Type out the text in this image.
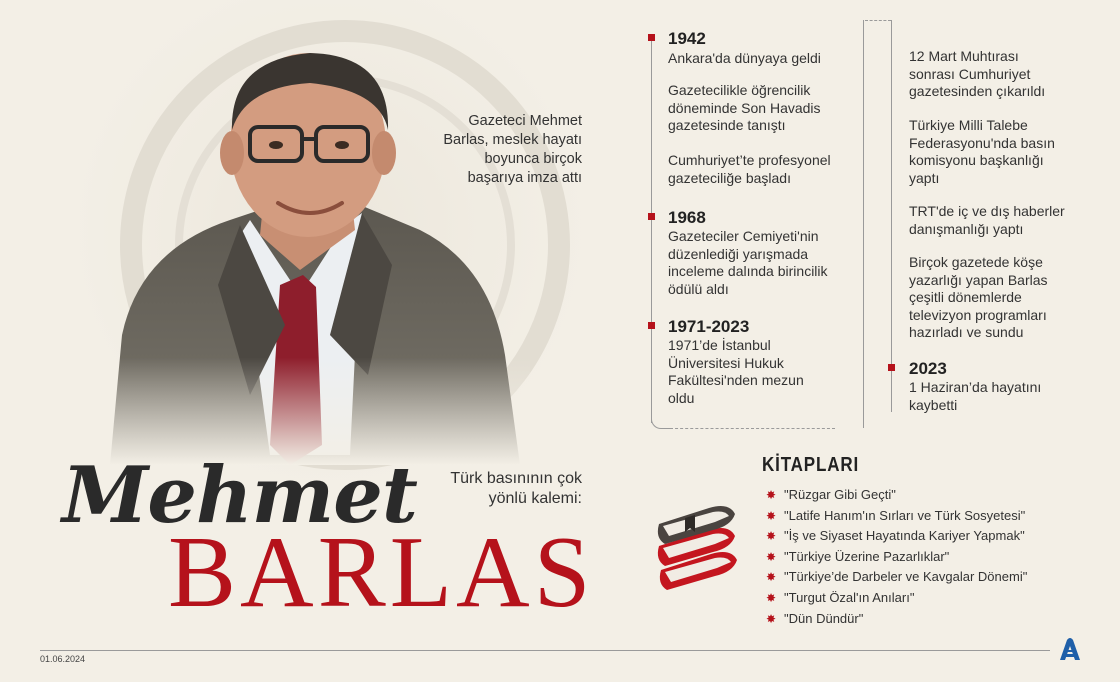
Gazeteci Mehmet Barlas, meslek hayatı boyunca birçok başarıya imza attı
Türk basınının çok yönlü kalemi:
Mehmet
BARLAS
1942
Ankara'da dünyaya geldi
Gazetecilikle öğrencilik döneminde Son Havadis gazetesinde tanıştı
Cumhuriyet’te profesyonel gazeteciliğe başladı
1968
Gazeteciler Cemiyeti'nin düzenlediği yarışmada inceleme dalında birincilik ödülü aldı
1971-2023
1971’de İstanbul Üniversitesi Hukuk Fakültesi'nden mezun oldu
12 Mart Muhtırası sonrası Cumhuriyet gazetesinden çıkarıldı
Türkiye Milli Talebe Federasyonu'nda basın komisyonu başkanlığı yaptı
TRT'de iç ve dış haberler danışmanlığı yaptı
Birçok gazetede köşe yazarlığı yapan Barlas çeşitli dönemlerde televizyon programları hazırladı ve sundu
2023
1 Haziran’da hayatını kaybetti
KİTAPLARI
✸ "Rüzgar Gibi Geçti"
✸ "Latife Hanım'ın Sırları ve Türk Sosyetesi"
✸ "İş ve Siyaset Hayatında Kariyer Yapmak"
✸ "Türkiye Üzerine Pazarlıklar"
✸ "Türkiye’de Darbeler ve Kavgalar Dönemi"
✸ "Turgut Özal'ın Anıları"
✸ "Dün Dündür"
01.06.2024
